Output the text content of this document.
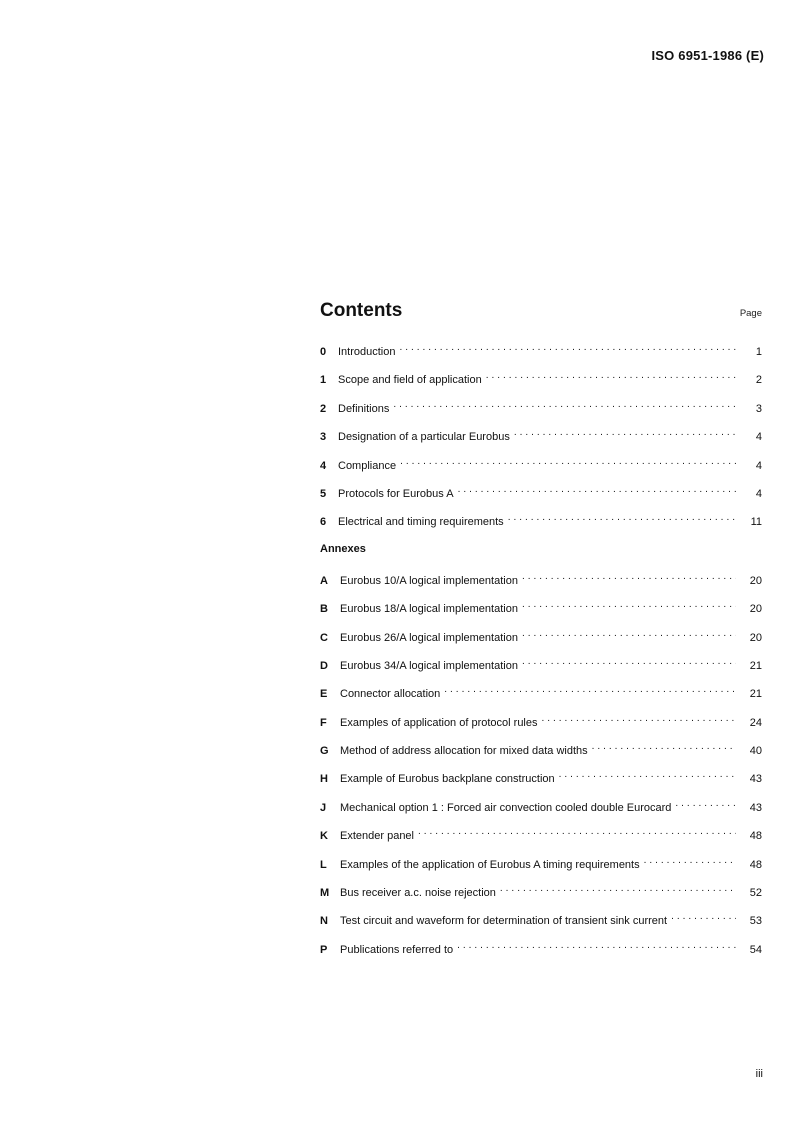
ISO 6951-1986 (E)
Contents	Page
0	Introduction . . .	1
1	Scope and field of application . . .	2
2	Definitions . . .	3
3	Designation of a particular Eurobus . . .	4
4	Compliance . . .	4
5	Protocols for Eurobus A . . .	4
6	Electrical and timing requirements . . .	11
Annexes
A	Eurobus 10/A logical implementation . . .	20
B	Eurobus 18/A logical implementation . . .	20
C	Eurobus 26/A logical implementation . . .	20
D	Eurobus 34/A logical implementation . . .	21
E	Connector allocation . . .	21
F	Examples of application of protocol rules . . .	24
G	Method of address allocation for mixed data widths . . .	40
H	Example of Eurobus backplane construction . . .	43
J	Mechanical option 1 : Forced air convection cooled double Eurocard . . .	43
K	Extender panel . . .	48
L	Examples of the application of Eurobus A timing requirements . . .	48
M Bus receiver a.c. noise rejection . . .	52
N	Test circuit and waveform for determination of transient sink current . . .	53
P	Publications referred to . . .	54
iii
